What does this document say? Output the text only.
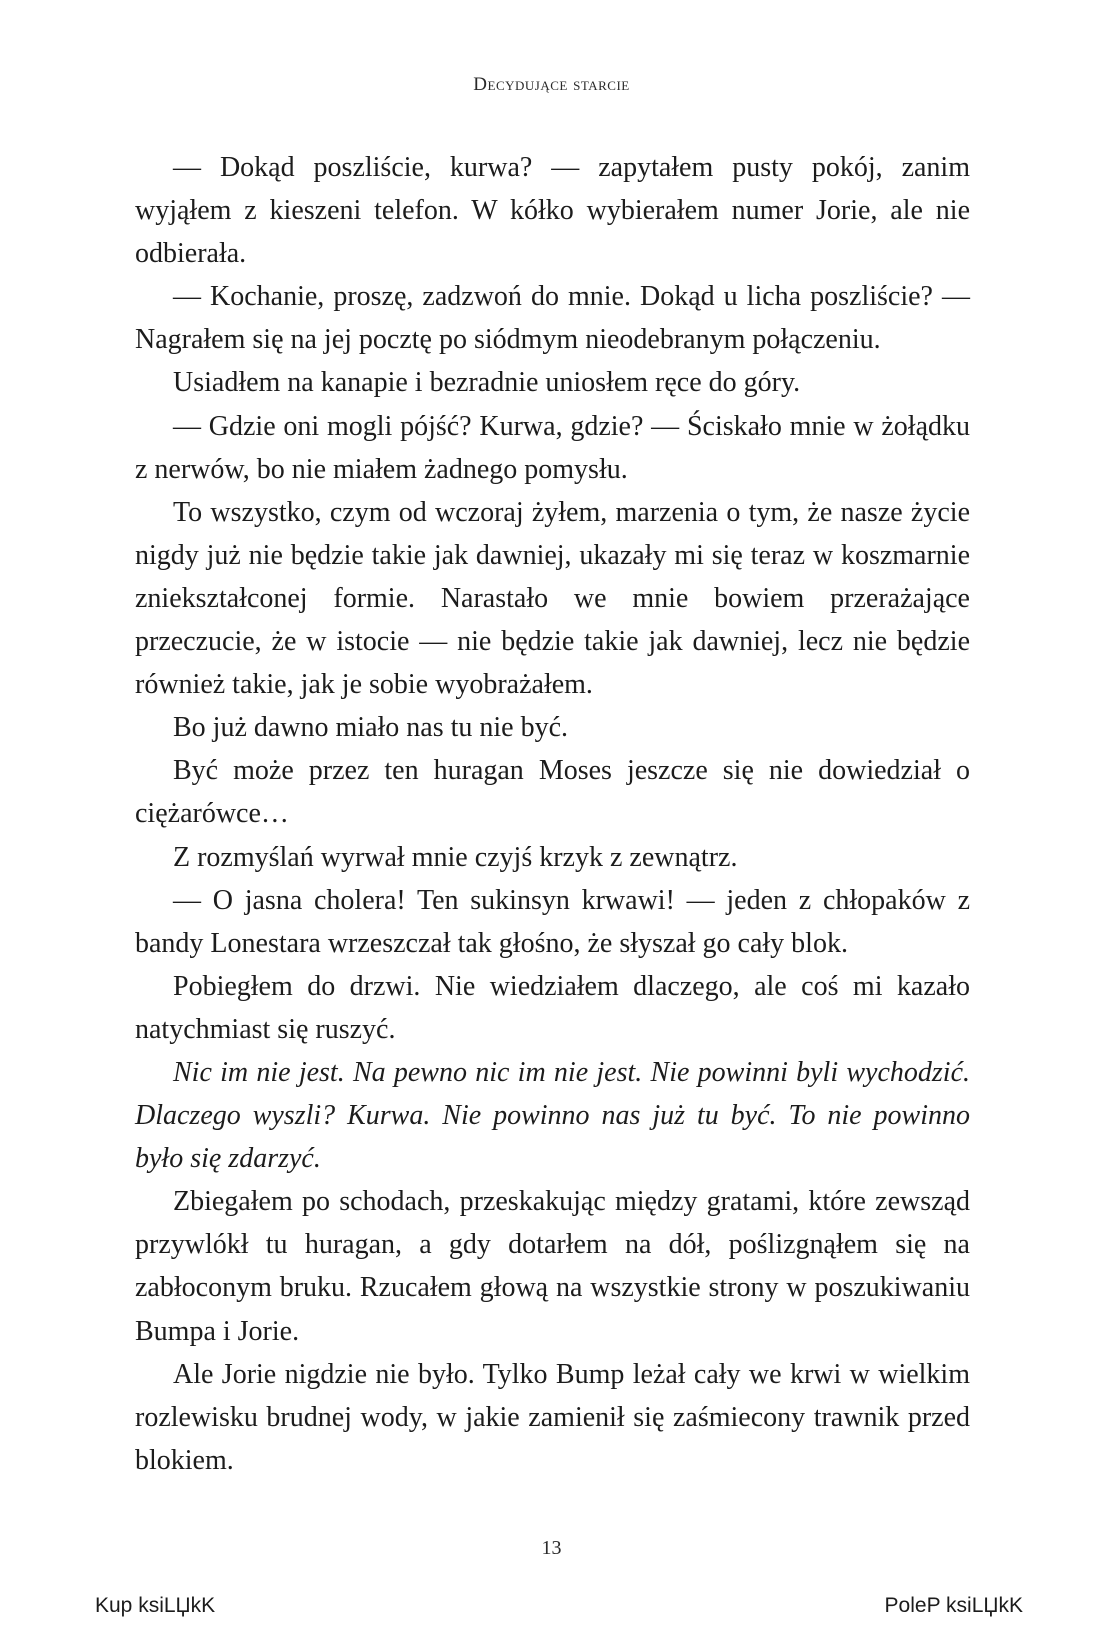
Decydujące starcie

— Dokąd poszliście, kurwa? — zapytałem pusty pokój, zanim wyjąłem z kieszeni telefon. W kółko wybierałem numer Jorie, ale nie odbierała.

— Kochanie, proszę, zadzwoń do mnie. Dokąd u licha poszliście? — Nagrałem się na jej pocztę po siódmym nieodebranym połączeniu.

Usiadłem na kanapie i bezradnie uniosłem ręce do góry.

— Gdzie oni mogli pójść? Kurwa, gdzie? — Ściskało mnie w żołądku z nerwów, bo nie miałem żadnego pomysłu.

To wszystko, czym od wczoraj żyłem, marzenia o tym, że nasze życie nigdy już nie będzie takie jak dawniej, ukazały mi się teraz w koszmarnie zniekształconej formie. Narastało we mnie bowiem przerażające przeczucie, że w istocie — nie będzie takie jak dawniej, lecz nie będzie również takie, jak je sobie wyobrażałem.

Bo już dawno miało nas tu nie być.

Być może przez ten huragan Moses jeszcze się nie dowiedział o ciężarówce…

Z rozmyślań wyrwał mnie czyjś krzyk z zewnątrz.

— O jasna cholera! Ten sukinsyn krwawi! — jeden z chłopaków z bandy Lonestara wrzeszczał tak głośno, że słyszał go cały blok.

Pobiegłem do drzwi. Nie wiedziałem dlaczego, ale coś mi kazało natychmiast się ruszyć.

Nic im nie jest. Na pewno nic im nie jest. Nie powinni byli wychodzić. Dlaczego wyszli? Kurwa. Nie powinno nas już tu być. To nie powinno było się zdarzyć.

Zbiegałem po schodach, przeskakując między gratami, które zewsząd przywlókł tu huragan, a gdy dotarłem na dół, poślizgnąłem się na zabłoconym bruku. Rzucałem głową na wszystkie strony w poszukiwaniu Bumpa i Jorie.

Ale Jorie nigdzie nie było. Tylko Bump leżał cały we krwi w wielkim rozlewisku brudnej wody, w jakie zamienił się zaśmiecony trawnik przed blokiem.

13
Kup ksiLЏkK	PoleP ksiLЏkK
